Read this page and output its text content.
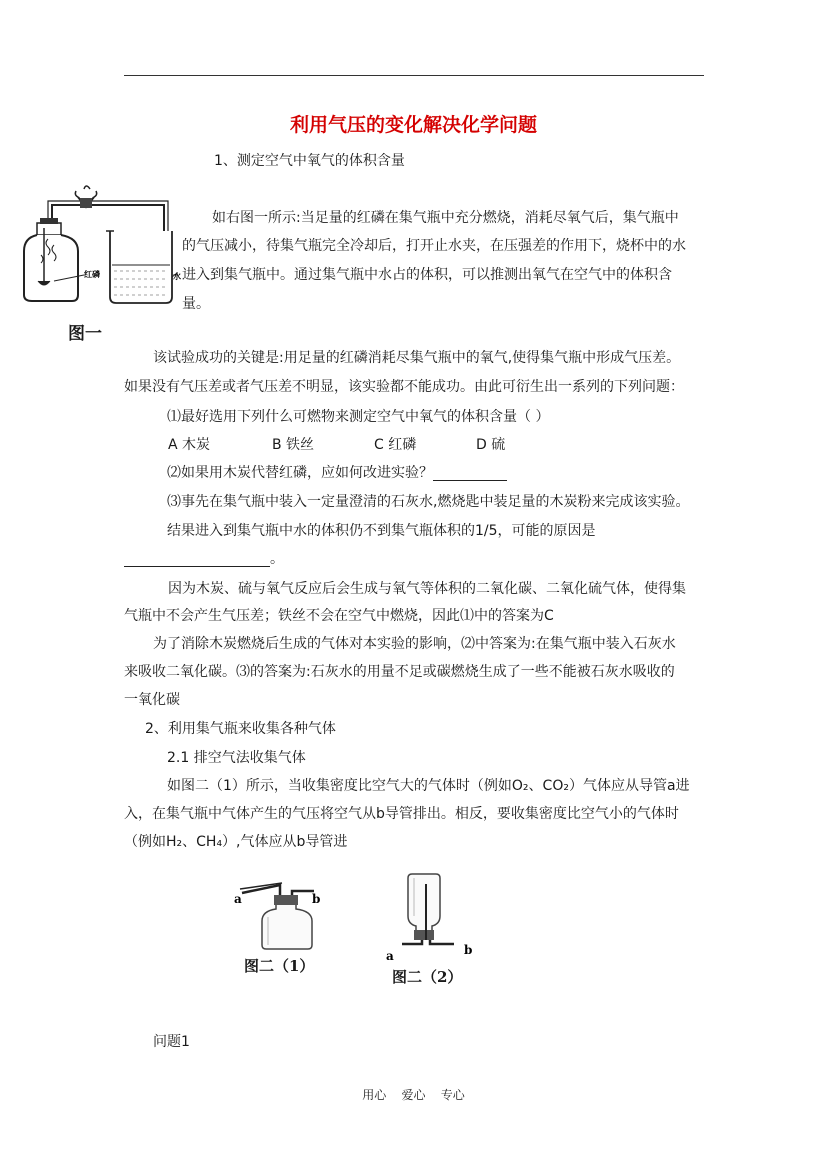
利用气压的变化解决化学问题
1、测定空气中氧气的体积含量
红磷	水
图一
如右图一所示:当足量的红磷在集气瓶中充分燃烧，消耗尽氧气后，集气瓶中
的气压减小，待集气瓶完全冷却后，打开止水夹，在压强差的作用下，烧杯中的水
进入到集气瓶中。通过集气瓶中水占的体积，可以推测出氧气在空气中的体积含
量。
该试验成功的关键是:用足量的红磷消耗尽集气瓶中的氧气,使得集气瓶中形成气压差。
如果没有气压差或者气压差不明显，该实验都不能成功。由此可衍生出一系列的下列问题：
⑴最好选用下列什么可燃物来测定空气中氧气的体积含量（ ）
A 木炭	B 铁丝	C 红磷	D 硫
⑵如果用木炭代替红磷，应如何改进实验？
⑶事先在集气瓶中装入一定量澄清的石灰水,燃烧匙中装足量的木炭粉来完成该实验。
结果进入到集气瓶中水的体积仍不到集气瓶体积的1/5，可能的原因是
。
因为木炭、硫与氧气反应后会生成与氧气等体积的二氧化碳、二氧化硫气体，使得集
气瓶中不会产生气压差；铁丝不会在空气中燃烧，因此⑴中的答案为C
为了消除木炭燃烧后生成的气体对本实验的影响，⑵中答案为:在集气瓶中装入石灰水
来吸收二氧化碳。⑶的答案为:石灰水的用量不足或碳燃烧生成了一些不能被石灰水吸收的
一氧化碳
2、利用集气瓶来收集各种气体
2.1 排空气法收集气体
如图二（1）所示，当收集密度比空气大的气体时（例如O₂、CO₂）气体应从导管a进
入，在集气瓶中气体产生的气压将空气从b导管排出。相反，要收集密度比空气小的气体时
（例如H₂、CH₄）,气体应从b导管进
a	b
图二（1）
a	b
图二（2）
问题1
用心    爱心    专心
